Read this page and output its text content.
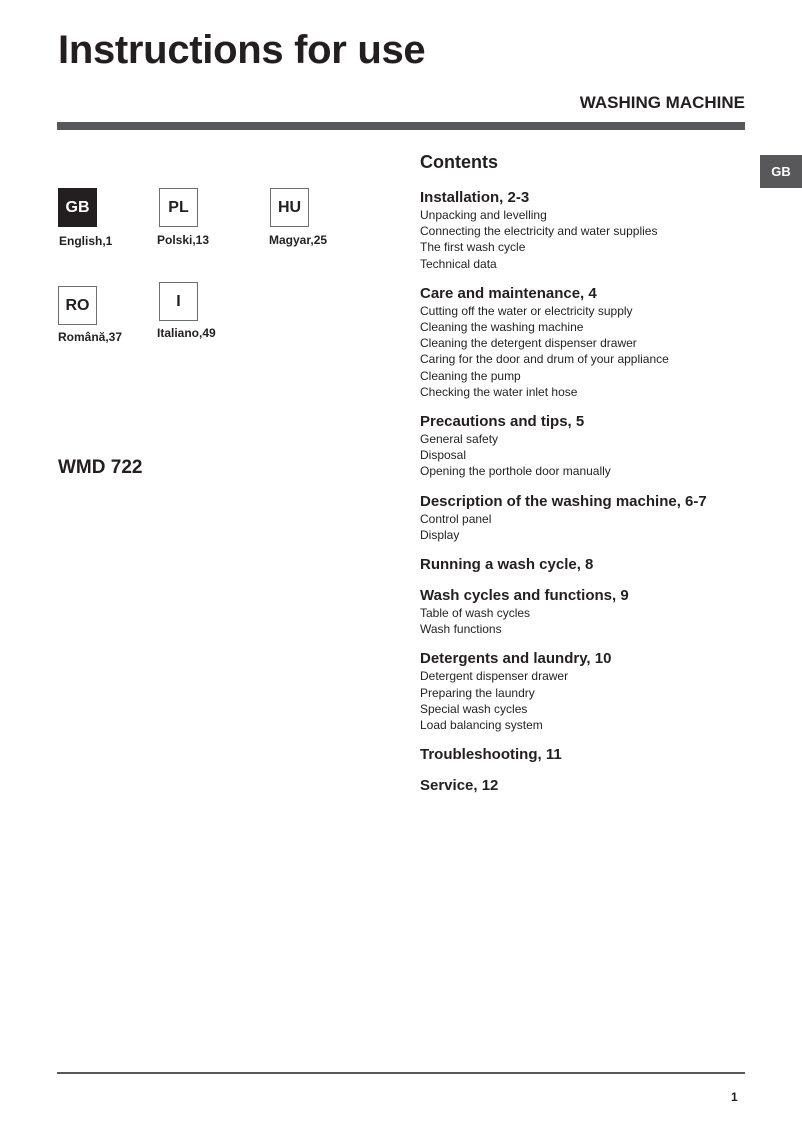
Instructions for use
WASHING MACHINE
GB
GB
English,1
PL
Polski,13
HU
Magyar,25
RO
Română,37
I
Italiano,49
WMD 722
Contents
Installation, 2-3
Unpacking and levelling
Connecting the electricity and water supplies
The first wash cycle
Technical data
Care and maintenance, 4
Cutting off the water or electricity supply
Cleaning the washing machine
Cleaning the detergent dispenser drawer
Caring for the door and drum of your appliance
Cleaning the pump
Checking the water inlet hose
Precautions and tips, 5
General safety
Disposal
Opening the porthole door manually
Description of the washing machine, 6-7
Control panel
Display
Running a wash cycle, 8
Wash cycles and functions, 9
Table of wash cycles
Wash functions
Detergents and laundry, 10
Detergent dispenser drawer
Preparing the laundry
Special wash cycles
Load balancing system
Troubleshooting, 11
Service, 12
1
